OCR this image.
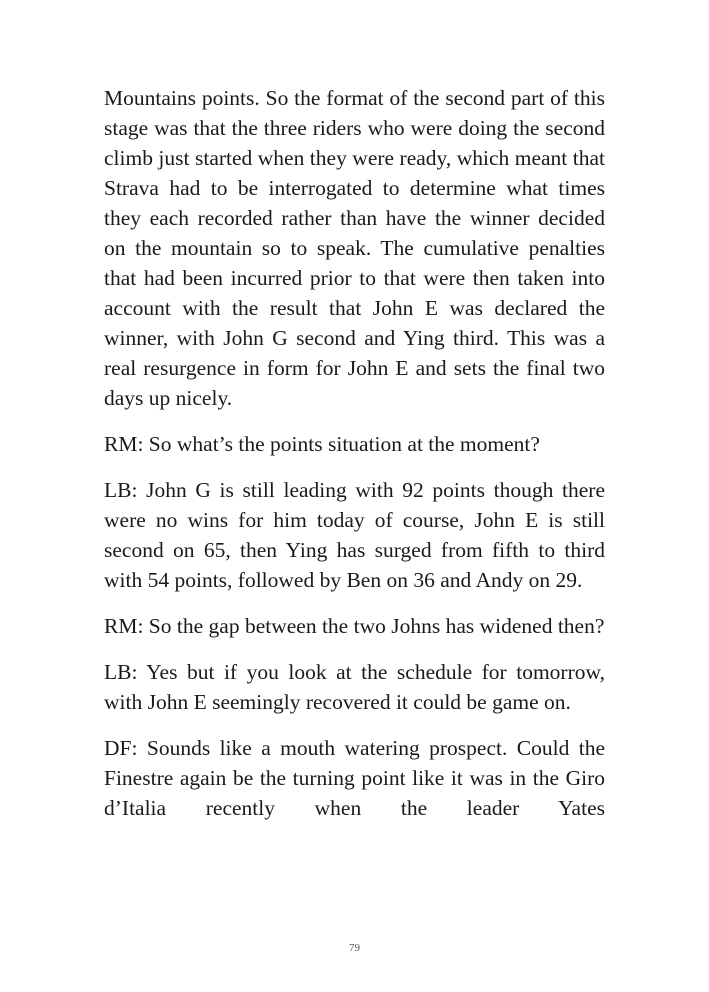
Mountains points. So the format of the second part of this stage was that the three riders who were doing the second climb just started when they were ready, which meant that Strava had to be interrogated to determine what times they each recorded rather than have the winner decided on the mountain so to speak. The cumulative penalties that had been incurred prior to that were then taken into account with the result that John E was declared the winner, with John G second and Ying third. This was a real resurgence in form for John E and sets the final two days up nicely.

RM: So what’s the points situation at the moment?

LB: John G is still leading with 92 points though there were no wins for him today of course, John E is still second on 65, then Ying has surged from fifth to third with 54 points, followed by Ben on 36 and Andy on 29.

RM: So the gap between the two Johns has widened then?

LB: Yes but if you look at the schedule for tomorrow, with John E seemingly recovered it could be game on.

DF: Sounds like a mouth watering prospect. Could the Finestre again be the turning point like it was in the Giro d’Italia recently when the leader Yates

79
